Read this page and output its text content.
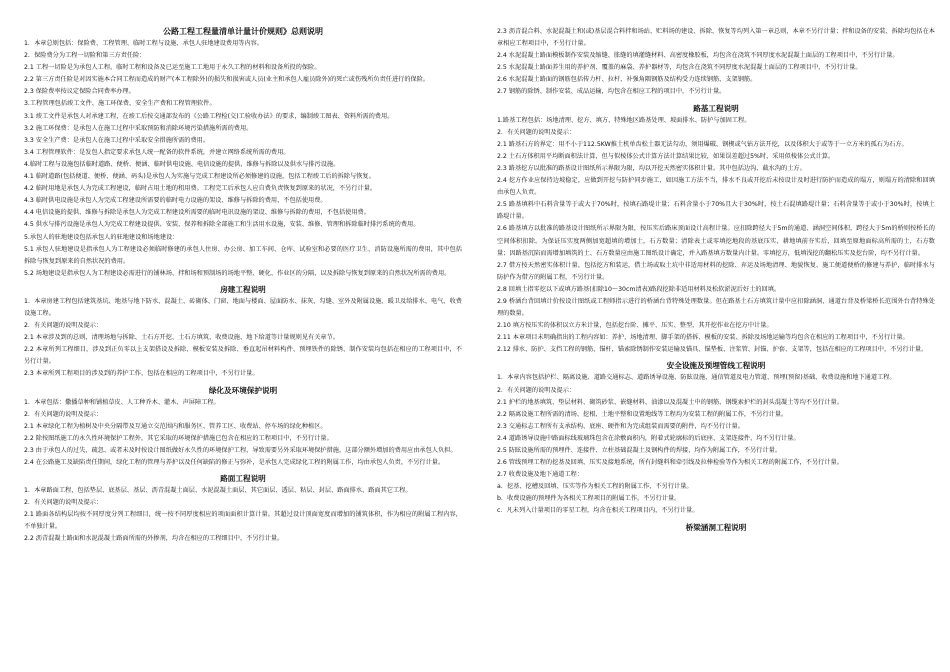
公路工程工程量清单计量计价规则》总则说明
1．本章总则包括：保险费、工程管理、临时工程与设施、承包人驻地建设费用等内容。
2．保险费分为工程一切险和第三方责任险：
2.1 工程一切险是为承包人工程、临时工程和设备及已运至施工工地用于永久工程的材料和设备所投的保险。
2.2 第三方责任险是对因实施本合同工程而造成的财产(本工程除外)的损失和损害或人员(业主和承包人雇员除外)的死亡或伤残所负责任进行的保险。
2.3 保险费率按议定保险合同费率办理。
3.工程管理包括竣工文件、施工环保费、安全生产费和工程管理软件。
3.1 竣工文件是承包人对承建工程，在竣工后按交通部发布的《公路工程检(交)工验收办法》的要求，编制竣工图表、资料所需的费用。
3.2 施工环保费：是承包人在施工过程中采取预防和消除环境污染措施所需的费用。
3.3 安全生产费：是承包人在施工过程中采取安全措施所需的费用。
3.4 工程管理软件：是发包人指定要求承包人统一配备的软件系统，并建立网络系统所需的费用。
4.临时工程与设施包括临时道路、便桥、便涵、临时供电设施、电信设施的提供、维修与拆除以及供水与排污设施。
4.1 临时道路(包括便道、便桥、便涵、码头)是承包人为实施与完成工程建设所必须修建的设施，包括工程竣工后的拆除与恢复。
4.2 临时用地是承包人为完成工程建设，临时占用土地的租用费。工程完工后承包人应自费负责恢复到原来的状况，不另行计量。
4.3 临时供电设施是承包人为完成工程建设所需要的临时电力设施的架设、维修与拆除的费用，不包括使用费。
4.4 电信设施的提供、维修与拆除是承包人为完成工程建设所需要的临时电讯设施的架设、维修与拆除的费用，不包括使用费。
4.5 供水与排污设施是承包人为完成工程建设提供、安装、保养和拆除全部施工和生活用水设施，安装、维修、管理和拆除临时排污系统的费用。
5.承包人的驻地建设包括承包人的驻地建设和场地建设：
5.1 承包人驻地建设是指承包人为工程建设必须临时修建的承包人住房、办公房、加工车间、仓库、试验室和必要的医疗卫生、消防设施所需的费用，其中包括拆除与恢复到原来的自然状况的费用。
5.2 场地建设是指承包人为工程建设必需进行的铺林场、拌和场和预制场的场地平整、硬化、作业区的分隔，以及拆除与恢复到原来的自然状况所需的费用。
房建工程说明
1．本章房建工程包括建筑基坑、地基与地下防水、混凝土、砖砌体、门窗、地面与楼面、屋面防水、抹灰、勾缝、室外及附属设施、暖卫及给排水、电气、收费设施工程。
2．有关问题的说明及提示：
2.1 本章涉及到的总则、清理场地与拆除、土石方开挖、土石方填筑、收费设施、地下给道等计量规则见有关章节。
2.2 本章所列工程细目，涉及到正负零以上支架搭设及拆除、模板安装及拆除、垂直起吊材料构件、预埋铁件的除锈、制作安装均包括在相应的工程项目中，不另行计量。
2.3 本章所列工程项目的涉及到的养护工作，包括在相应的工程项目中，不另行计量。
绿化及环境保护说明
1．本章包括：撒播草种和铺植草皮、人工种乔木、灌木、声屏障工程。
2．有关问题的说明及提示：
2.1 本章绿化工程为植树及中央分隔带及互通立交范围内和服务区、管养工区、收费站、停车场的绿化种植区。
2.2 除按图纸施工的永久性环境保护工程外，其它采取的环境保护措施已包含在相应的工程项目中，不另行计量。
2.3 由于承包人的过失、疏忽、或者未及时按设计图纸做好永久性的环境保护工程，导致需要另外采取环境保护措施，这部分额外增加的费用应由承包人负担。
2.4 在公路施工及缺陷责任期间，绿化工程的管理与养护以及任何缺陷的修正与弥补，是承包人完成绿化工程的附属工作，均由承包人负责，不另行计量。
路面工程说明
1．本章路面工程，包括垫层、底基层、基层、沥青混凝土面层、水泥混凝土面层、其它面层、透层、粘层、封层、路面排水、路面其它工程。
2．有关问题的说明及提示：
2.1 路面各结构层均按不同厚度分列工程细目，统一按不同厚度相应的项面面积计算计量。其超过设计顶面宽度而增加的铺筑体积，作为相应的附属工程内容，不单独计量。
2.2 沥青混凝土路面和水泥混凝土路面所需的外掺剂，均含在相应的工程细目中，不另行计量。
2.3 沥青混合料、水泥混凝土和(或)基层混合料拌和场站、贮料场的建设、拆除、恢复等均列入第一章总则，本章不另行计量；拌和设备的安装、拆除均包括在本章相应工程项目中，不另行计量。
2.4 水泥混凝土路面模板制作安装及缩缝、胀缝的填灌缝材料、高密度橡胶板，均包含在浇筑不同厚度水泥混凝土面层的工程项目中，不另行计量。
2.5 水泥混凝土路面养生用的养护剂、覆盖的麻袋、养护器材等，均包含在浇筑不同厚度水泥混凝土面层的工程项目中，不另行计量。
2.6 水泥混凝土路面的钢筋包括传力杆、拉杆、补强角隅钢筋及结构受力连续钢筋、支架钢筋。
2.7 钢筋的除锈、制作安装、成品运输，均包含在相应工程的项目中，不另行计量。
路基工程说明
1.路基工程包括：场地清理、挖方、填方、特殊地区路基处理、坡面排水、防护与加固工程。
2．有关问题的说明及提示：
2.1 路基石方的界定：用不小于112.5KW推土机单齿松土器无法勾动，须用爆破、钢楔或气钻方法开挖，以及体积大于或等于一立方米的孤石为石方。
2.2 土石方体积用平均断面积法计算，但与似棱体公式计算方法计算结果比较，如果误差超过5%时，采用似棱体公式计算。
2.3 路基挖方以批准的路基设计图纸所示界限为限，均以开挖天然密实体积计量。其中包括边沟、截水沟的土方。
2.4 挖方作业应保持边坡稳定，应做到开挖与防护同步施工，如因施工方法不当，排水不良或开挖后未按设计及时进行防护而造成的塌方，则塌方的清除和回填由承包人负责。
2.5 路基填料中石料含量等于或大于70%时，按填石路堤计量；石料含量小于70%且大于30%时，按土石混填路堤计量；石料含量等于或小于30%时，按填土路堤计量。
2.6 路基填方以批准的路基设计图纸所示界限为限，按压实后路床顶面设计高程计量。应扣除跨径大于5m的通道、涵洞空间体积，跨径大于5m的桥则按桥长的空间体积扣除。为保证压实度两侧加宽超填的增加土，石方数量；清除表土或零填挖地段的基底压实、耕地填前夯实后，回填至原地面标高所需的土，石方数量；因路基沉陷而需增加填筑的土、石方数量应由施工图纸设计确定，并入路基填方数量内计量。零填挖方，低填浅挖的翻松压实及挖台阶，均不另行计量。
2.7 借方按天然密实体积计量，包括挖方和装运，借土场或取土坑中非适用材料的挖除、弃运及场地清理、地貌恢复、施工便道便桥的修建与养护，临时排水与防护作为借方的附属工程，不另行计量。
2.8 回填土指零挖以下或填方路基(扣除10～30cm清表)路段挖除非适用材料及松软淤泥后好土的回填。
2.9 桥涵台背回填计价按设计图纸或工程师指示进行的桥涵台背特殊处理数量。但在路基土石方填筑计量中应扣除涵洞、通道台背及桥梁桥长范围外台背特殊处理的数量。
2.10 填方按压实的体积以立方米计量，包括挖台阶、摊平、压实、整型，其开挖作业在挖方中计量。
2.11 本章项目未明确指出的工程内容如：养护、场地清理、脚手架的搭拆、模板的安装、拆除及场地运输等均包含在相应的工程项目中，不另行计量。
2.12 排水、防护、支挡工程的钢筋，锚杆，锚索除锈制作安装运输及锚具、锚垫板、注浆管、封锚、护套、支架等，包括在相应的工程项目中，不另行计量。
安全设施及预埋管线工程说明
1．本章内容包括护栏、隔离设施、道路交通标志、道路诱导设施、防眩设施、通信管道及电力管道、预埋(预留)基础、收费设施和地下通道工程。
2．有关问题的说明及提示：
2.1 护栏的地基填筑、垫层材料、砌筑砂浆、嵌缝材料、油漆以及混凝土中的钢筋、钢缆索护栏的封头混凝土等均不另行计量。
2.2 隔离设施工程所需的清场、挖根、土地平整和设置地线等工程均为安装工程的附属工作，不另行计量。
2.3 交通标志工程所有支承结构、底座、硬件和为完成组装而需要的附件，均不另行计量。
2.4 道路诱导设施中路面标线玻璃珠包含在涂敷面积内，附着式轮廓标的后底座、支架连接件，均不另行计量。
2.5 防眩设施所需的预埋件、连接件、立柱基础混凝土及钢构件的焊接，均作为附属工作，不另行计量。
2.6 管线预埋工程的挖基及回填、压实及接地系统，所有封缝料和牵引线及拉棒检验等作为相关工程的附属工作，不另行计量。
2.7 收费设施及地下通道工程：
a．挖基、挖槽及回填、压实等作为相关工程的附属工作，不另行计量。
b．收费设施的预埋件为各相关工程项目的附属工作，不另行计量。
c．凡未列入计量项目的零星工程，均含在相关工程项目内，不另行计量。
桥梁涵洞工程说明
